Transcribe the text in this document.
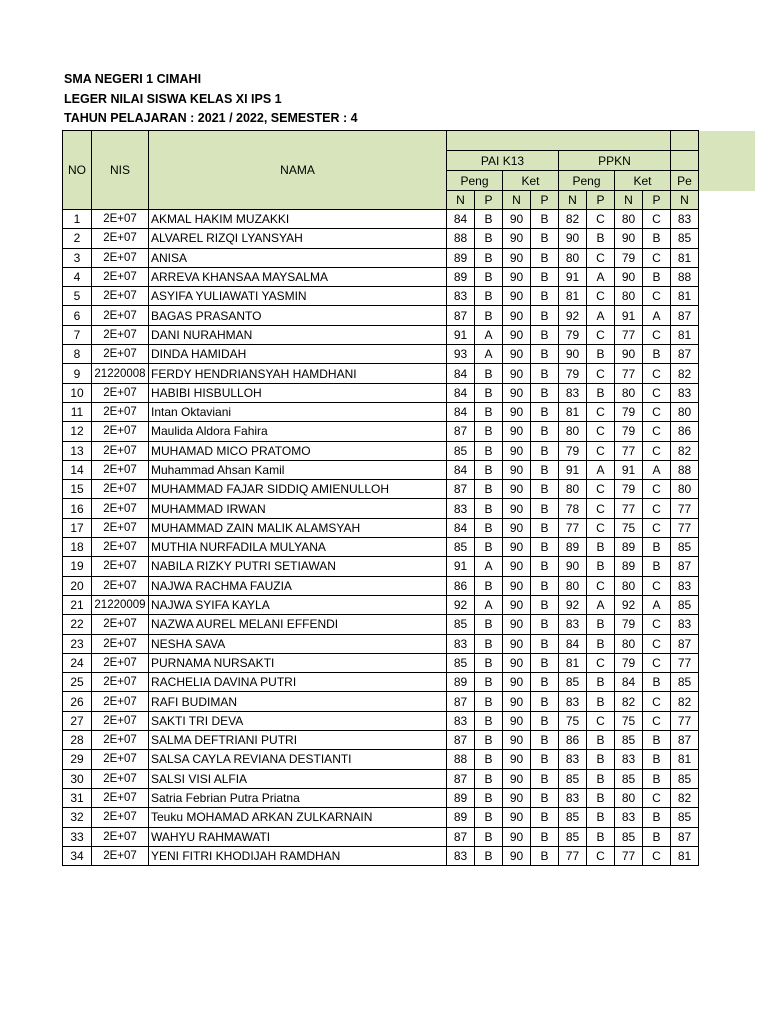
SMA NEGERI 1 CIMAHI
LEGER NILAI SISWA KELAS XI IPS 1
TAHUN PELAJARAN : 2021 / 2022, SEMESTER : 4
NO	NIS	NAMA										
			PAI K13				PPKN					
			Peng		Ket		Peng		Ket		Pe	
			N	P	N	P	N	P	N	P	N	
1	2E+07	AKMAL HAKIM MUZAKKI	84	B	90	B	82	C	80	C	83	
2	2E+07	ALVAREL RIZQI LYANSYAH	88	B	90	B	90	B	90	B	85	
3	2E+07	ANISA	89	B	90	B	80	C	79	C	81	
4	2E+07	ARREVA KHANSAA MAYSALMA	89	B	90	B	91	A	90	B	88	
5	2E+07	ASYIFA YULIAWATI YASMIN	83	B	90	B	81	C	80	C	81	
6	2E+07	BAGAS PRASANTO	87	B	90	B	92	A	91	A	87	
7	2E+07	DANI NURAHMAN	91	A	90	B	79	C	77	C	81	
8	2E+07	DINDA HAMIDAH	93	A	90	B	90	B	90	B	87	
9	21220008	FERDY HENDRIANSYAH HAMDHANI	84	B	90	B	79	C	77	C	82	
10	2E+07	HABIBI HISBULLOH	84	B	90	B	83	B	80	C	83	
11	2E+07	Intan Oktaviani	84	B	90	B	81	C	79	C	80	
12	2E+07	Maulida Aldora Fahira	87	B	90	B	80	C	79	C	86	
13	2E+07	MUHAMAD MICO PRATOMO	85	B	90	B	79	C	77	C	82	
14	2E+07	Muhammad Ahsan Kamil	84	B	90	B	91	A	91	A	88	
15	2E+07	MUHAMMAD FAJAR SIDDIQ AMIENULLOH	87	B	90	B	80	C	79	C	80	
16	2E+07	MUHAMMAD IRWAN	83	B	90	B	78	C	77	C	77	
17	2E+07	MUHAMMAD ZAIN MALIK ALAMSYAH	84	B	90	B	77	C	75	C	77	
18	2E+07	MUTHIA NURFADILA MULYANA	85	B	90	B	89	B	89	B	85	
19	2E+07	NABILA RIZKY PUTRI SETIAWAN	91	A	90	B	90	B	89	B	87	
20	2E+07	NAJWA RACHMA FAUZIA	86	B	90	B	80	C	80	C	83	
21	21220009	NAJWA SYIFA KAYLA	92	A	90	B	92	A	92	A	85	
22	2E+07	NAZWA AUREL MELANI EFFENDI	85	B	90	B	83	B	79	C	83	
23	2E+07	NESHA SAVA	83	B	90	B	84	B	80	C	87	
24	2E+07	PURNAMA NURSAKTI	85	B	90	B	81	C	79	C	77	
25	2E+07	RACHELIA DAVINA PUTRI	89	B	90	B	85	B	84	B	85	
26	2E+07	RAFI BUDIMAN	87	B	90	B	83	B	82	C	82	
27	2E+07	SAKTI TRI DEVA	83	B	90	B	75	C	75	C	77	
28	2E+07	SALMA DEFTRIANI PUTRI	87	B	90	B	86	B	85	B	87	
29	2E+07	SALSA CAYLA REVIANA DESTIANTI	88	B	90	B	83	B	83	B	81	
30	2E+07	SALSI VISI ALFIA	87	B	90	B	85	B	85	B	85	
31	2E+07	Satria Febrian Putra Priatna	89	B	90	B	83	B	80	C	82	
32	2E+07	Teuku MOHAMAD ARKAN ZULKARNAIN	89	B	90	B	85	B	83	B	85	
33	2E+07	WAHYU RAHMAWATI	87	B	90	B	85	B	85	B	87	
34	2E+07	YENI FITRI KHODIJAH RAMDHAN	83	B	90	B	77	C	77	C	81	
